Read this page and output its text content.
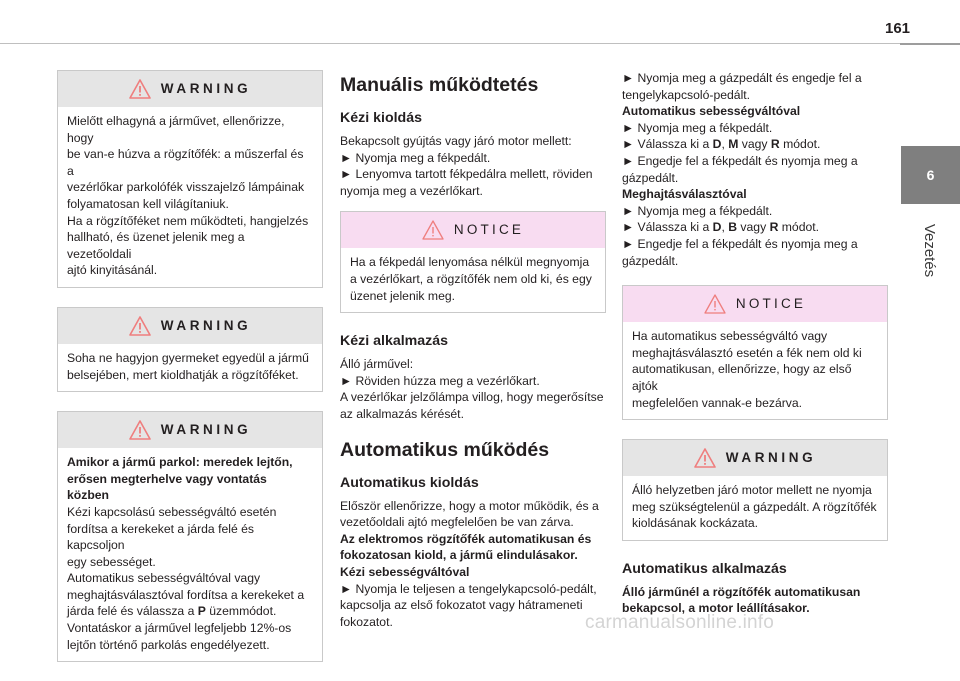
161
6
Vezetés
WARNING

Mielőtt elhagyná a járművet, ellenőrizze, hogy

be van-e húzva a rögzítőfék: a műszerfal és a

vezérlőkar parkolófék visszajelző lámpáinak

folyamatosan kell világítaniuk.

Ha a rögzítőféket nem működteti, hangjelzés

hallható, és üzenet jelenik meg a vezetőoldali

ajtó kinyitásánál.

WARNING

Soha ne hagyjon gyermeket egyedül a jármű

belsejében, mert kioldhatják a rögzítőféket.

WARNING

Amikor a jármű parkol: meredek lejtőn,

erősen megterhelve vagy vontatás közben

Kézi kapcsolású sebességváltó esetén

fordítsa a kerekeket a járda felé és kapcsoljon

egy sebességet.

Automatikus sebességváltóval vagy

meghajtásválasztóval fordítsa a kerekeket a

járda felé és válassza a P üzemmódot.

Vontatáskor a járművel legfeljebb 12%-os

lejtőn történő parkolás engedélyezett.

Manuális működtetés
Kézi kioldás

Bekapcsolt gyújtás vagy járó motor mellett:

► Nyomja meg a fékpedált.

► Lenyomva tartott fékpedálra mellett, röviden

nyomja meg a vezérlőkart.

NOTICE

Ha a fékpedál lenyomása nélkül megnyomja

a vezérlőkart, a rögzítőfék nem old ki, és egy

üzenet jelenik meg.

Kézi alkalmazás

Álló járművel:

► Röviden húzza meg a vezérlőkart.

A vezérlőkar jelzőlámpa villog, hogy megerősítse

az alkalmazás kérését.

Automatikus működés
Automatikus kioldás

Először ellenőrizze, hogy a motor működik, és a

vezetőoldali ajtó megfelelően be van zárva.

Az elektromos rögzítőfék automatikusan és

fokozatosan kiold, a jármű elindulásakor.

Kézi sebességváltóval

► Nyomja le teljesen a tengelykapcsoló-pedált,

kapcsolja az első fokozatot vagy hátrameneti

fokozatot.

► Nyomja meg a gázpedált és engedje fel a

tengelykapcsoló-pedált.

Automatikus sebességváltóval

► Nyomja meg a fékpedált.

► Válassza ki a D, M vagy R módot.

► Engedje fel a fékpedált és nyomja meg a

gázpedált.

Meghajtásválasztóval

► Nyomja meg a fékpedált.

► Válassza ki a D, B vagy R módot.

► Engedje fel a fékpedált és nyomja meg a

gázpedált.

NOTICE

Ha automatikus sebességváltó vagy

meghajtásválasztó esetén a fék nem old ki

automatikusan, ellenőrizze, hogy az első ajtók

megfelelően vannak-e bezárva.

WARNING

Álló helyzetben járó motor mellett ne nyomja

meg szükségtelenül a gázpedált. A rögzítőfék

kioldásának kockázata.

Automatikus alkalmazás

Álló járműnél a rögzítőfék automatikusan

bekapcsol, a motor leállításakor.

carmanualsonline.info
